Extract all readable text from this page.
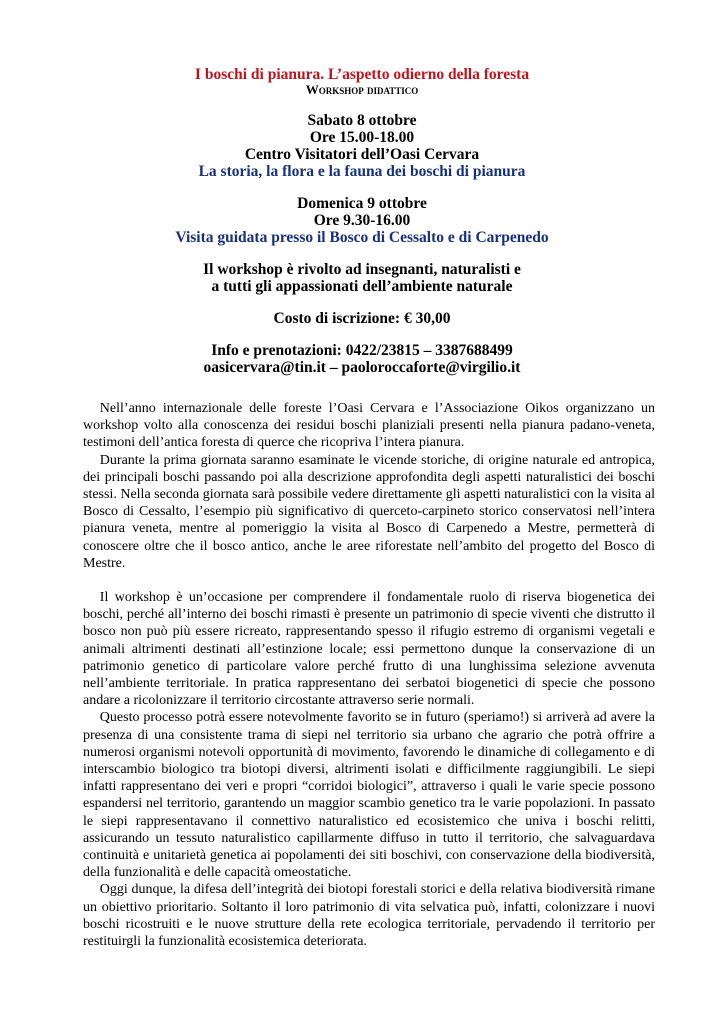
I boschi di pianura. L’aspetto odierno della foresta
Workshop didattico
Sabato 8 ottobre
Ore 15.00-18.00
Centro Visitatori dell’Oasi Cervara
La storia, la flora e la fauna dei boschi di pianura
Domenica 9 ottobre
Ore 9.30-16.00
Visita guidata presso il Bosco di Cessalto e di Carpenedo
Il workshop è rivolto ad insegnanti, naturalisti e
a tutti gli appassionati dell’ambiente naturale
Costo di iscrizione: € 30,00
Info e prenotazioni: 0422/23815 – 3387688499
oasicervara@tin.it – paoloroccaforte@virgilio.it

Nell’anno internazionale delle foreste l’Oasi Cervara e l’Associazione Oikos organizzano un workshop volto alla conoscenza dei residui boschi planiziali presenti nella pianura padano-veneta, testimoni dell’antica foresta di querce che ricopriva l’intera pianura.

Durante la prima giornata saranno esaminate le vicende storiche, di origine naturale ed antropica, dei principali boschi passando poi alla descrizione approfondita degli aspetti naturalistici dei boschi stessi. Nella seconda giornata sarà possibile vedere direttamente gli aspetti naturalistici con la visita al Bosco di Cessalto, l’esempio più significativo di querceto-carpineto storico conservatosi nell’intera pianura veneta, mentre al pomeriggio la visita al Bosco di Carpenedo a Mestre, permetterà di conoscere oltre che il bosco antico, anche le aree riforestate nell’ambito del progetto del Bosco di Mestre.

Il workshop è un’occasione per comprendere il fondamentale ruolo di riserva biogenetica dei boschi, perché all’interno dei boschi rimasti è presente un patrimonio di specie viventi che distrutto il bosco non può più essere ricreato, rappresentando spesso il rifugio estremo di organismi vegetali e animali altrimenti destinati all’estinzione locale; essi permettono dunque la conservazione di un patrimonio genetico di particolare valore perché frutto di una lunghissima selezione avvenuta nell’ambiente territoriale. In pratica rappresentano dei serbatoi biogenetici di specie che possono andare a ricolonizzare il territorio circostante attraverso serie normali.

Questo processo potrà essere notevolmente favorito se in futuro (speriamo!) si arriverà ad avere la presenza di una consistente trama di siepi nel territorio sia urbano che agrario che potrà offrire a numerosi organismi notevoli opportunità di movimento, favorendo le dinamiche di collegamento e di interscambio biologico tra biotopi diversi, altrimenti isolati e difficilmente raggiungibili. Le siepi infatti rappresentano dei veri e propri “corridoi biologici”, attraverso i quali le varie specie possono espandersi nel territorio, garantendo un maggior scambio genetico tra le varie popolazioni. In passato le siepi rappresentavano il connettivo naturalistico ed ecosistemico che univa i boschi relitti, assicurando un tessuto naturalistico capillarmente diffuso in tutto il territorio, che salvaguardava continuità e unitarietà genetica ai popolamenti dei siti boschivi, con conservazione della biodiversità, della funzionalità e delle capacità omeostatiche.

Oggi dunque, la difesa dell’integrità dei biotopi forestali storici e della relativa biodiversità rimane un obiettivo prioritario. Soltanto il loro patrimonio di vita selvatica può, infatti, colonizzare i nuovi boschi ricostruiti e le nuove strutture della rete ecologica territoriale, pervadendo il territorio per restituirgli la funzionalità ecosistemica deteriorata.
